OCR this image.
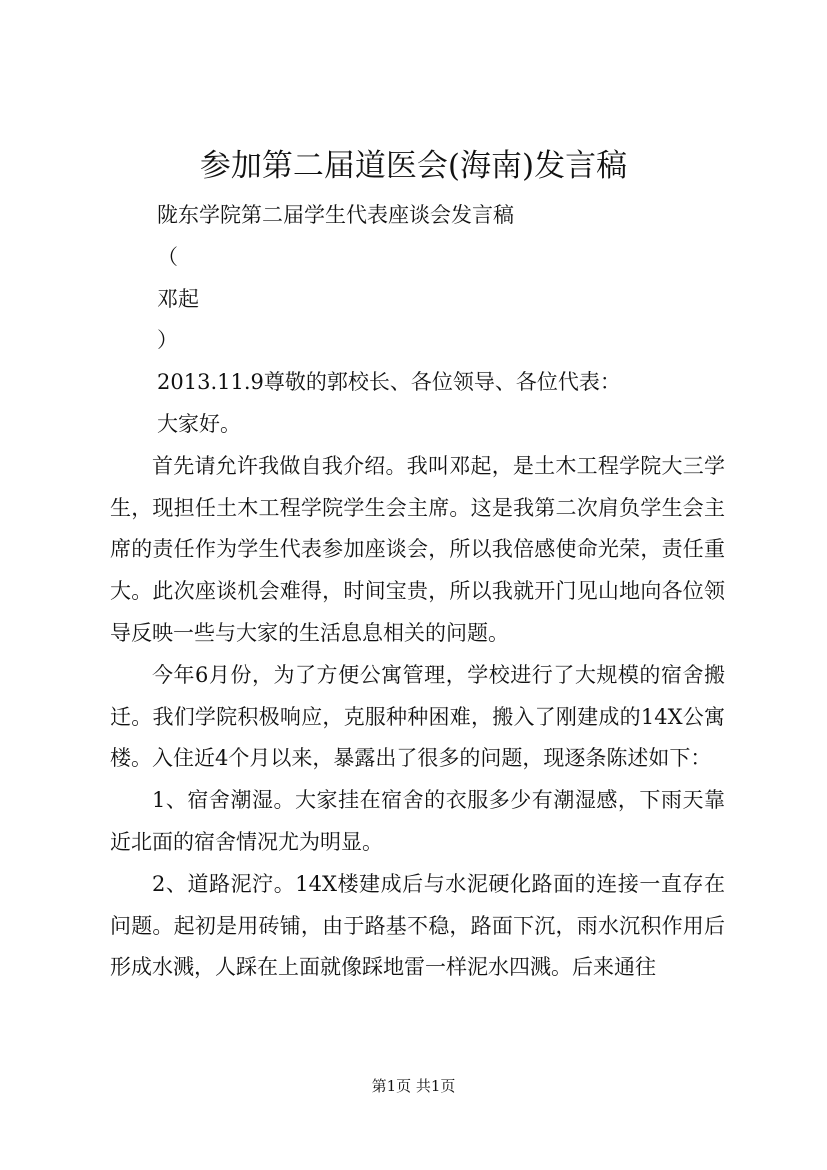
参加第二届道医会(海南)发言稿

陇东学院第二届学生代表座谈会发言稿

（

邓起

）

2013.11.9尊敬的郭校长、各位领导、各位代表：

大家好。

首先请允许我做自我介绍。我叫邓起，是土木工程学院大三学生，现担任土木工程学院学生会主席。这是我第二次肩负学生会主席的责任作为学生代表参加座谈会，所以我倍感使命光荣，责任重大。此次座谈机会难得，时间宝贵，所以我就开门见山地向各位领导反映一些与大家的生活息息相关的问题。

今年6月份，为了方便公寓管理，学校进行了大规模的宿舍搬迁。我们学院积极响应，克服种种困难，搬入了刚建成的14X公寓楼。入住近4个月以来，暴露出了很多的问题，现逐条陈述如下：

1、宿舍潮湿。大家挂在宿舍的衣服多少有潮湿感，下雨天靠近北面的宿舍情况尤为明显。

2、道路泥泞。14X楼建成后与水泥硬化路面的连接一直存在问题。起初是用砖铺，由于路基不稳，路面下沉，雨水沉积作用后形成水溅，人踩在上面就像踩地雷一样泥水四溅。后来通往

第1页 共1页
